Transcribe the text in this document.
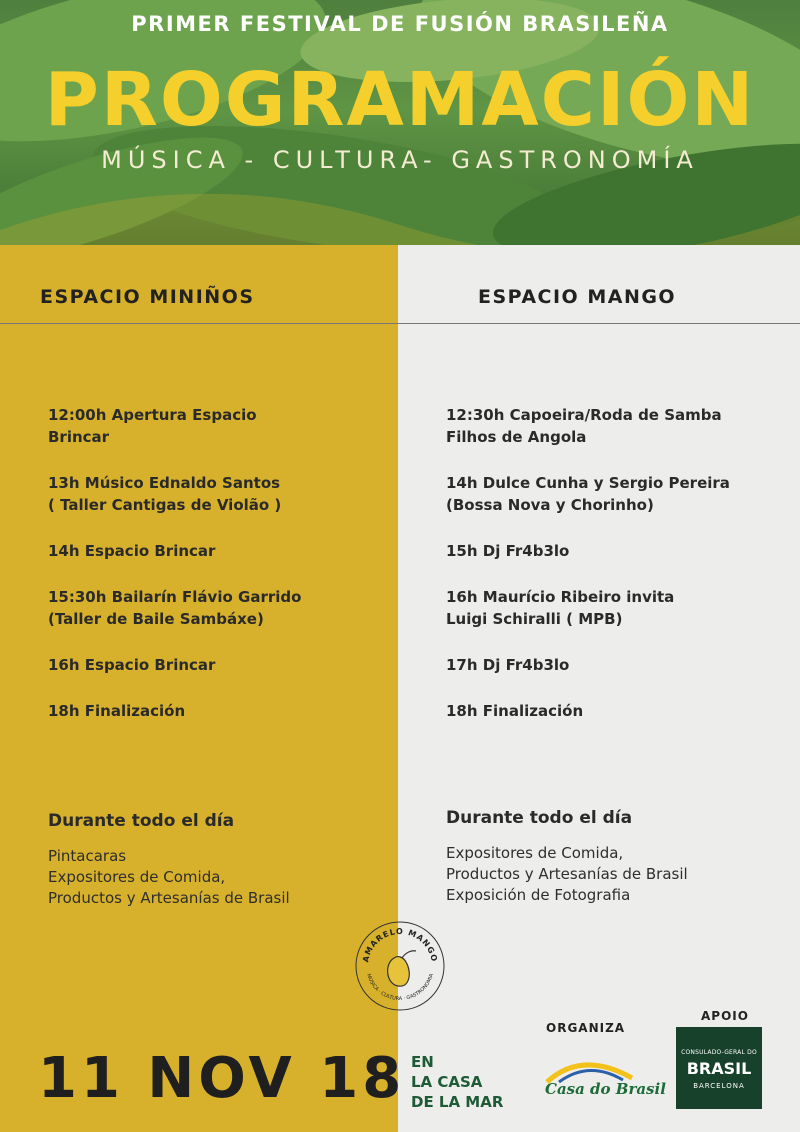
PRIMER FESTIVAL DE FUSIÓN BRASILEÑA
PROGRAMACIÓN
MÚSICA - CULTURA- GASTRONOMÍA
ESPACIO MINIÑOS	ESPACIO MANGO
12:00h Apertura Espacio
Brincar
13h Músico Ednaldo Santos
( Taller Cantigas de Violão )
14h Espacio Brincar
15:30h Bailarín Flávio Garrido
(Taller de Baile Sambáxe)
16h Espacio Brincar
18h Finalización
12:30h Capoeira/Roda de Samba
Filhos de Angola
14h Dulce Cunha y Sergio Pereira
(Bossa Nova y Chorinho)
15h Dj Fr4b3lo
16h Maurício Ribeiro invita
Luigi Schiralli ( MPB)
17h Dj Fr4b3lo
18h Finalización
Durante todo el día
Pintacaras
Expositores de Comida,
Productos y Artesanías de Brasil
Durante todo el día
Expositores de Comida,
Productos y Artesanías de Brasil
Exposición de Fotografia
AMARELO MANGO
MÚSICA · CULTURA · GASTRONOMIA
11 NOV 18 EN
LA CASA
DE LA MAR
ORGANIZA
Casa do Brasil
APOIO
CONSULADO-GERAL DO
BRASIL
BARCELONA
